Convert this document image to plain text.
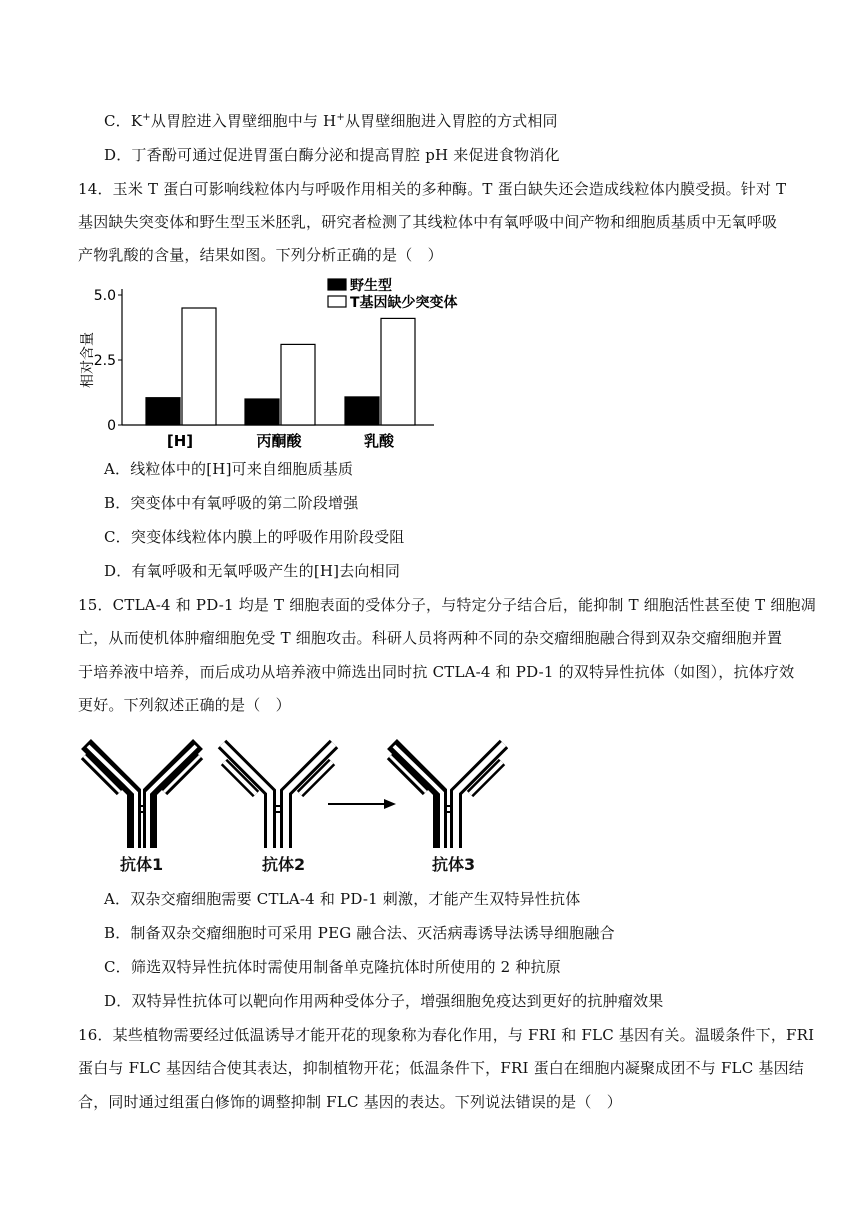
C．K+从胃腔进入胃壁细胞中与 H+从胃壁细胞进入胃腔的方式相同
D．丁香酚可通过促进胃蛋白酶分泌和提高胃腔 pH 来促进食物消化
14．玉米 T 蛋白可影响线粒体内与呼吸作用相关的多种酶。T 蛋白缺失还会造成线粒体内膜受损。针对 T
基因缺失突变体和野生型玉米胚乳，研究者检测了其线粒体中有氧呼吸中间产物和细胞质基质中无氧呼吸
产物乳酸的含量，结果如图。下列分析正确的是（　）
0
2.5
5.0
相对含量
[H]	丙酮酸	乳酸
野生型
T基因缺少突变体
A．线粒体中的[H]可来自细胞质基质
B．突变体中有氧呼吸的第二阶段增强
C．突变体线粒体内膜上的呼吸作用阶段受阻
D．有氧呼吸和无氧呼吸产生的[H]去向相同
15．CTLA-4 和 PD-1 均是 T 细胞表面的受体分子，与特定分子结合后，能抑制 T 细胞活性甚至使 T 细胞凋
亡，从而使机体肿瘤细胞免受 T 细胞攻击。科研人员将两种不同的杂交瘤细胞融合得到双杂交瘤细胞并置
于培养液中培养，而后成功从培养液中筛选出同时抗 CTLA-4 和 PD-1 的双特异性抗体（如图），抗体疗效
更好。下列叙述正确的是（　）
抗体1	抗体2	抗体3
A．双杂交瘤细胞需要 CTLA-4 和 PD-1 刺激，才能产生双特异性抗体
B．制备双杂交瘤细胞时可采用 PEG 融合法、灭活病毒诱导法诱导细胞融合
C．筛选双特异性抗体时需使用制备单克隆抗体时所使用的 2 种抗原
D．双特异性抗体可以靶向作用两种受体分子，增强细胞免疫达到更好的抗肿瘤效果
16．某些植物需要经过低温诱导才能开花的现象称为春化作用，与 FRI 和 FLC 基因有关。温暖条件下，FRI
蛋白与 FLC 基因结合使其表达，抑制植物开花；低温条件下，FRI 蛋白在细胞内凝聚成团不与 FLC 基因结
合，同时通过组蛋白修饰的调整抑制 FLC 基因的表达。下列说法错误的是（　）
